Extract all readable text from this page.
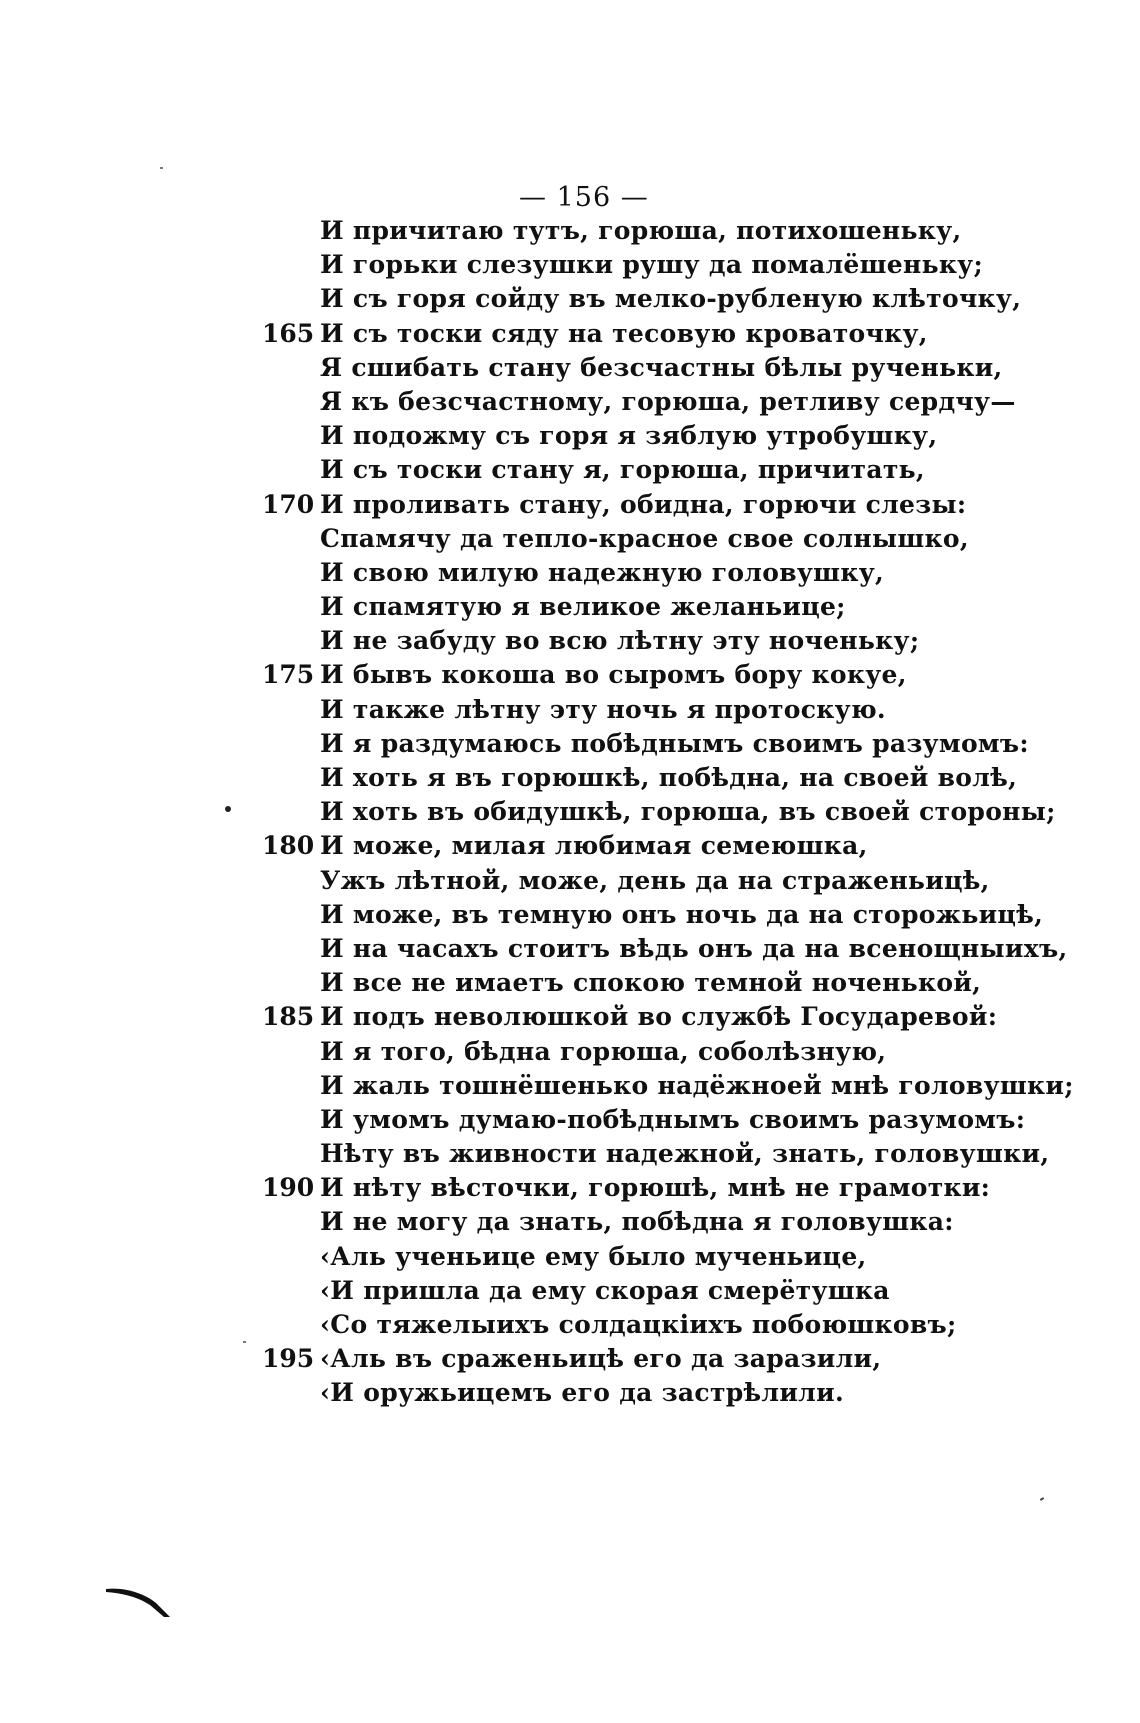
— 156 —
И причитаю тутъ, горюша, потихошеньку,
И горьки слезушки рушу да помалёшеньку;
И съ горя сойду въ мелко-рубленую клѣточку,
165 И съ тоски сяду на тесовую кроваточку,
Я сшибать стану безсчастны бѣлы рученьки,
Я къ безсчастному, горюша, ретливу сердчу—
И подожму съ горя я зяблую утробушку,
И съ тоски стану я, горюша, причитать,
170 И проливать стану, обидна, горючи слезы:
Спамячу да тепло-красное свое солнышко,
И свою милую надежную головушку,
И спамятую я великое желаньице;
И не забуду во всю лѣтну эту ноченьку;
175 И бывъ кокоша во сыромъ бору кокуе,
И также лѣтну эту ночь я протоскую.
И я раздумаюсь побѣднымъ своимъ разумомъ:
И хоть я въ горюшкѣ, побѣдна, на своей волѣ,
И хоть въ обидушкѣ, горюша, въ своей стороны;
180 И може, милая любимая семеюшка,
Ужъ лѣтной, може, день да на страженьицѣ,
И може, въ темную онъ ночь да на сторожьицѣ,
И на часахъ стоитъ вѣдь онъ да на всенощныихъ,
И все не имаетъ спокою темной ноченькой,
185 И подъ неволюшкой во службѣ Государевой:
И я того, бѣдна горюша, соболѣзную,
И жаль тошнёшенько надёжноей мнѣ головушки;
И умомъ думаю-побѣднымъ своимъ разумомъ:
Нѣту въ живности надежной, знать, головушки,
190 И нѣту вѣсточки, горюшѣ, мнѣ не грамотки:
И не могу да знать, побѣдна я головушка:
‹Аль ученьице ему было мученьице,
‹И пришла да ему скорая смерётушка
‹Со тяжелыихъ солдацкіихъ побоюшковъ;
195 ‹Аль въ сраженьицѣ его да заразили,
‹И оружьицемъ его да застрѣлили.
